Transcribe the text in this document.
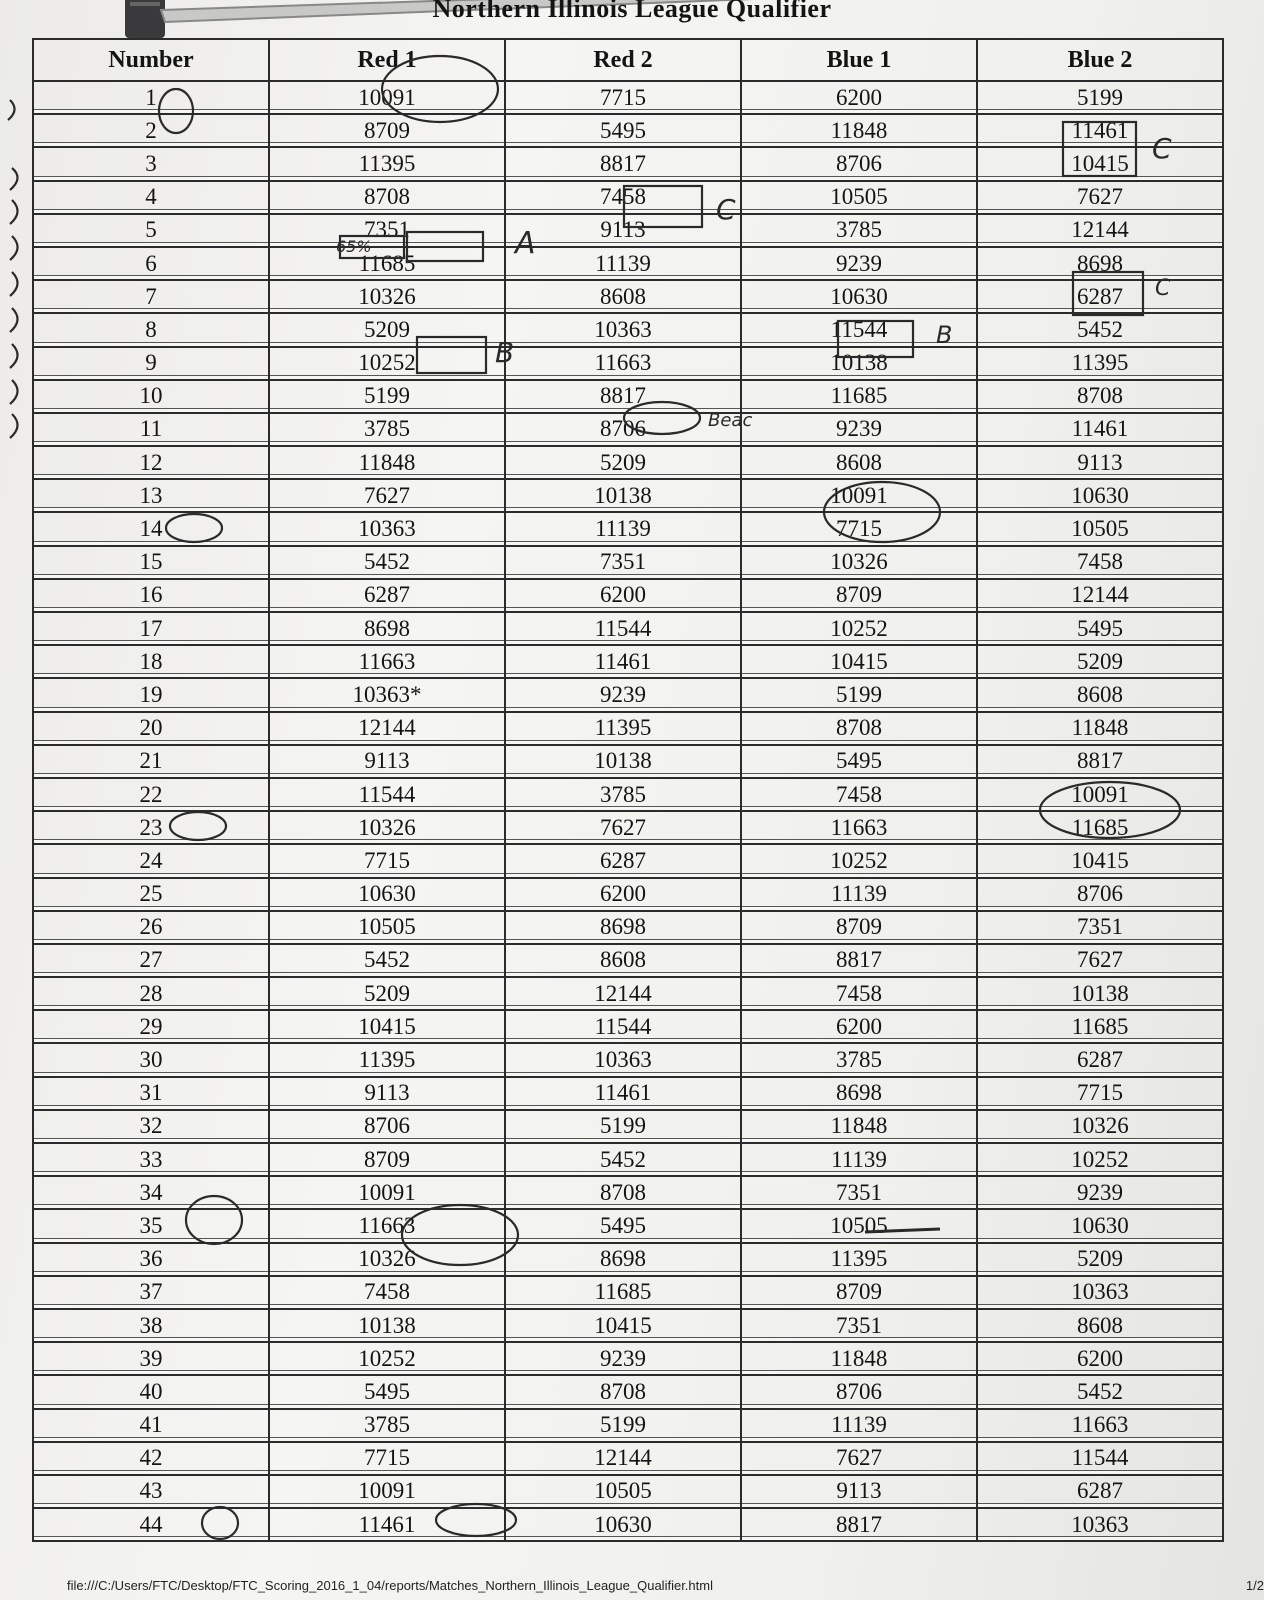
Northern Illinois League Qualifier
Number	Red 1	Red 2	Blue 1	Blue 2
1	10091	7715	6200	5199
2	8709	5495	11848	11461
3	11395	8817	8706	10415
4	8708	7458	10505	7627
5	7351	9113	3785	12144
6	11685	11139	9239	8698
7	10326	8608	10630	6287
8	5209	10363	11544	5452
9	10252	11663	10138	11395
10	5199	8817	11685	8708
11	3785	8706	9239	11461
12	11848	5209	8608	9113
13	7627	10138	10091	10630
14	10363	11139	7715	10505
15	5452	7351	10326	7458
16	6287	6200	8709	12144
17	8698	11544	10252	5495
18	11663	11461	10415	5209
19	10363*	9239	5199	8608
20	12144	11395	8708	11848
21	9113	10138	5495	8817
22	11544	3785	7458	10091
23	10326	7627	11663	11685
24	7715	6287	10252	10415
25	10630	6200	11139	8706
26	10505	8698	8709	7351
27	5452	8608	8817	7627
28	5209	12144	7458	10138
29	10415	11544	6200	11685
30	11395	10363	3785	6287
31	9113	11461	8698	7715
32	8706	5199	11848	10326
33	8709	5452	11139	10252
34	10091	8708	7351	9239
35	11663	5495	10505	10630
36	10326	8698	11395	5209
37	7458	11685	8709	10363
38	10138	10415	7351	8608
39	10252	9239	11848	6200
40	5495	8708	8706	5452
41	3785	5199	11139	11663
42	7715	12144	7627	11544
43	10091	10505	9113	6287
44	11461	10630	8817	10363
65%	A
C
C
C
B
B
Beac
file:///C:/Users/FTC/Desktop/FTC_Scoring_2016_1_04/reports/Matches_Northern_Illinois_League_Qualifier.html	1/2
